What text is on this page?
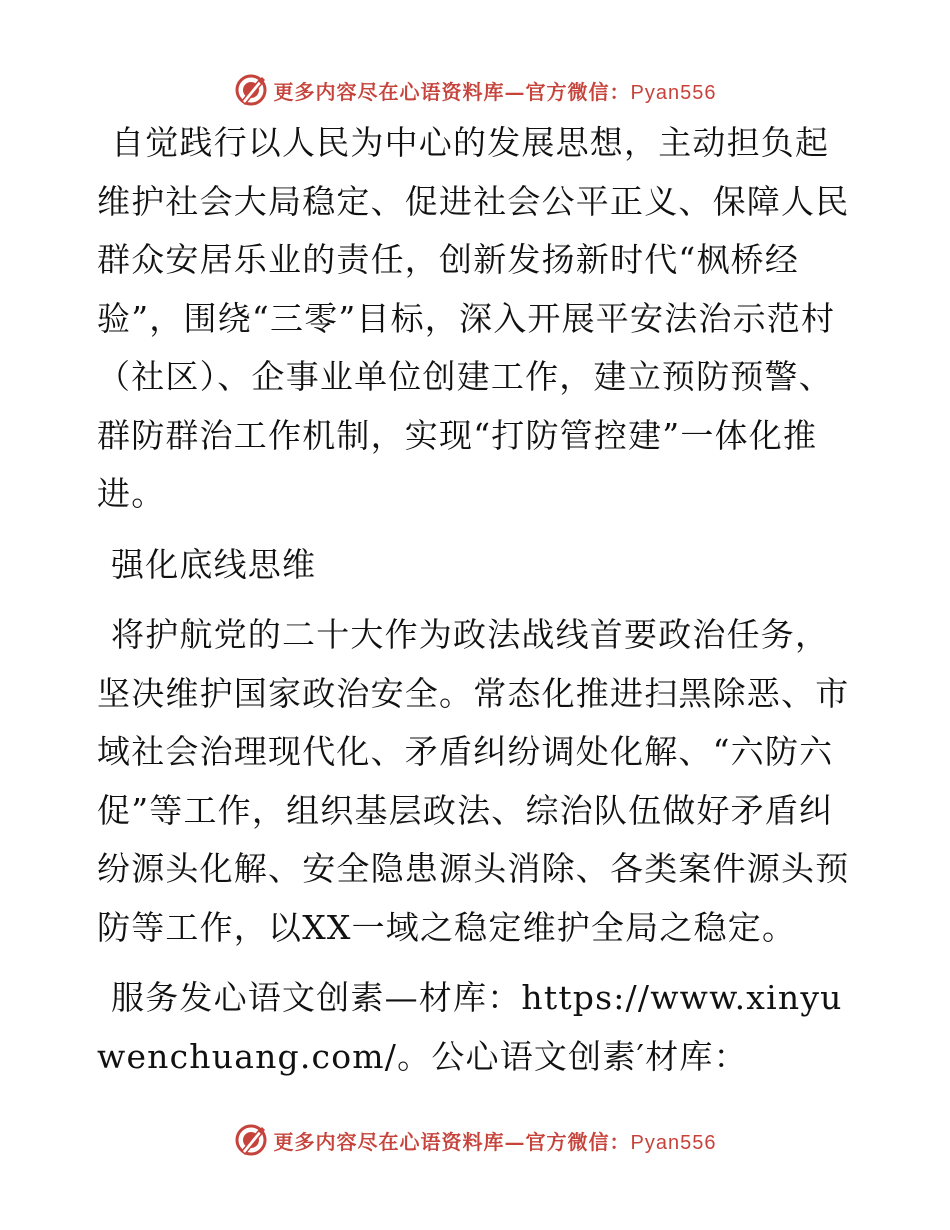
更多内容尽在心语资料库—官方微信：Pyan556

自觉践行以人民为中心的发展思想，主动担负起维护社会大局稳定、促进社会公平正义、保障人民群众安居乐业的责任，创新发扬新时代“枫桥经验”，围绕“三零”目标，深入开展平安法治示范村（社区）、企事业单位创建工作，建立预防预警、群防群治工作机制，实现“打防管控建”一体化推进。

强化底线思维

将护航党的二十大作为政法战线首要政治任务，坚决维护国家政治安全。常态化推进扫黑除恶、市域社会治理现代化、矛盾纠纷调处化解、“六防六促”等工作，组织基层政法、综治队伍做好矛盾纠纷源头化解、安全隐患源头消除、各类案件源头预防等工作，以XX一域之稳定维护全局之稳定。

服务发心语文创素—材库：https://www.xinyuwenchuang.com/。公心语文创素′材库：

更多内容尽在心语资料库—官方微信：Pyan556
